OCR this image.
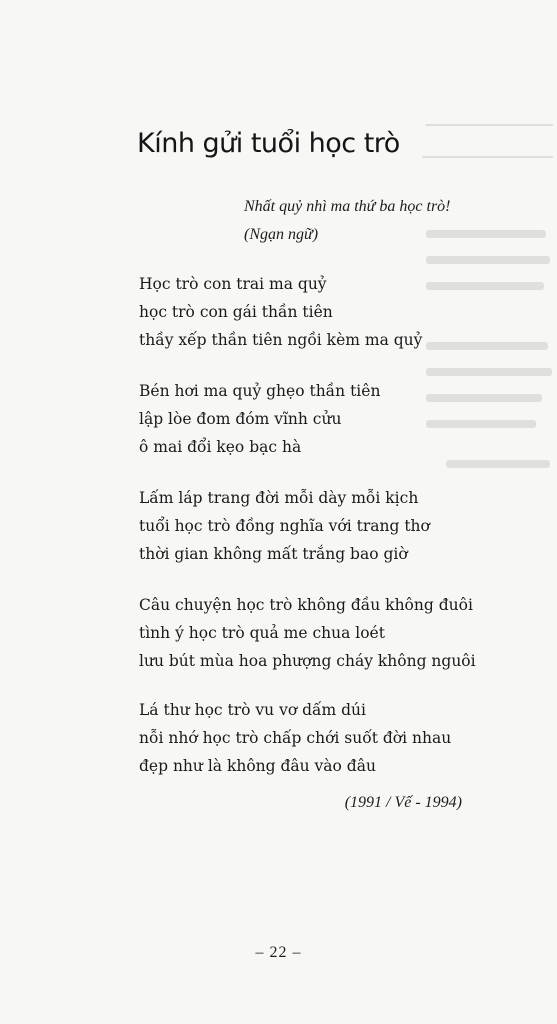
Kính gửi tuổi học trò
Nhất quỷ nhì ma thứ ba học trò!
(Ngạn ngữ)
Học trò con trai ma quỷ
học trò con gái thần tiên
thầy xếp thần tiên ngồi kèm ma quỷ
Bén hơi ma quỷ ghẹo thần tiên
lập lòe đom đóm vĩnh cửu
ô mai đổi kẹo bạc hà
Lấm láp trang đời mỗi dày mỗi kịch
tuổi học trò đồng nghĩa với trang thơ
thời gian không mất trắng bao giờ
Câu chuyện học trò không đầu không đuôi
tình ý học trò quả me chua loét
lưu bút mùa hoa phượng cháy không nguôi
Lá thư học trò vu vơ dấm dúi
nỗi nhớ học trò chấp chới suốt đời nhau
đẹp như là không đâu vào đâu
(1991 / Vế - 1994)
– 22 –
